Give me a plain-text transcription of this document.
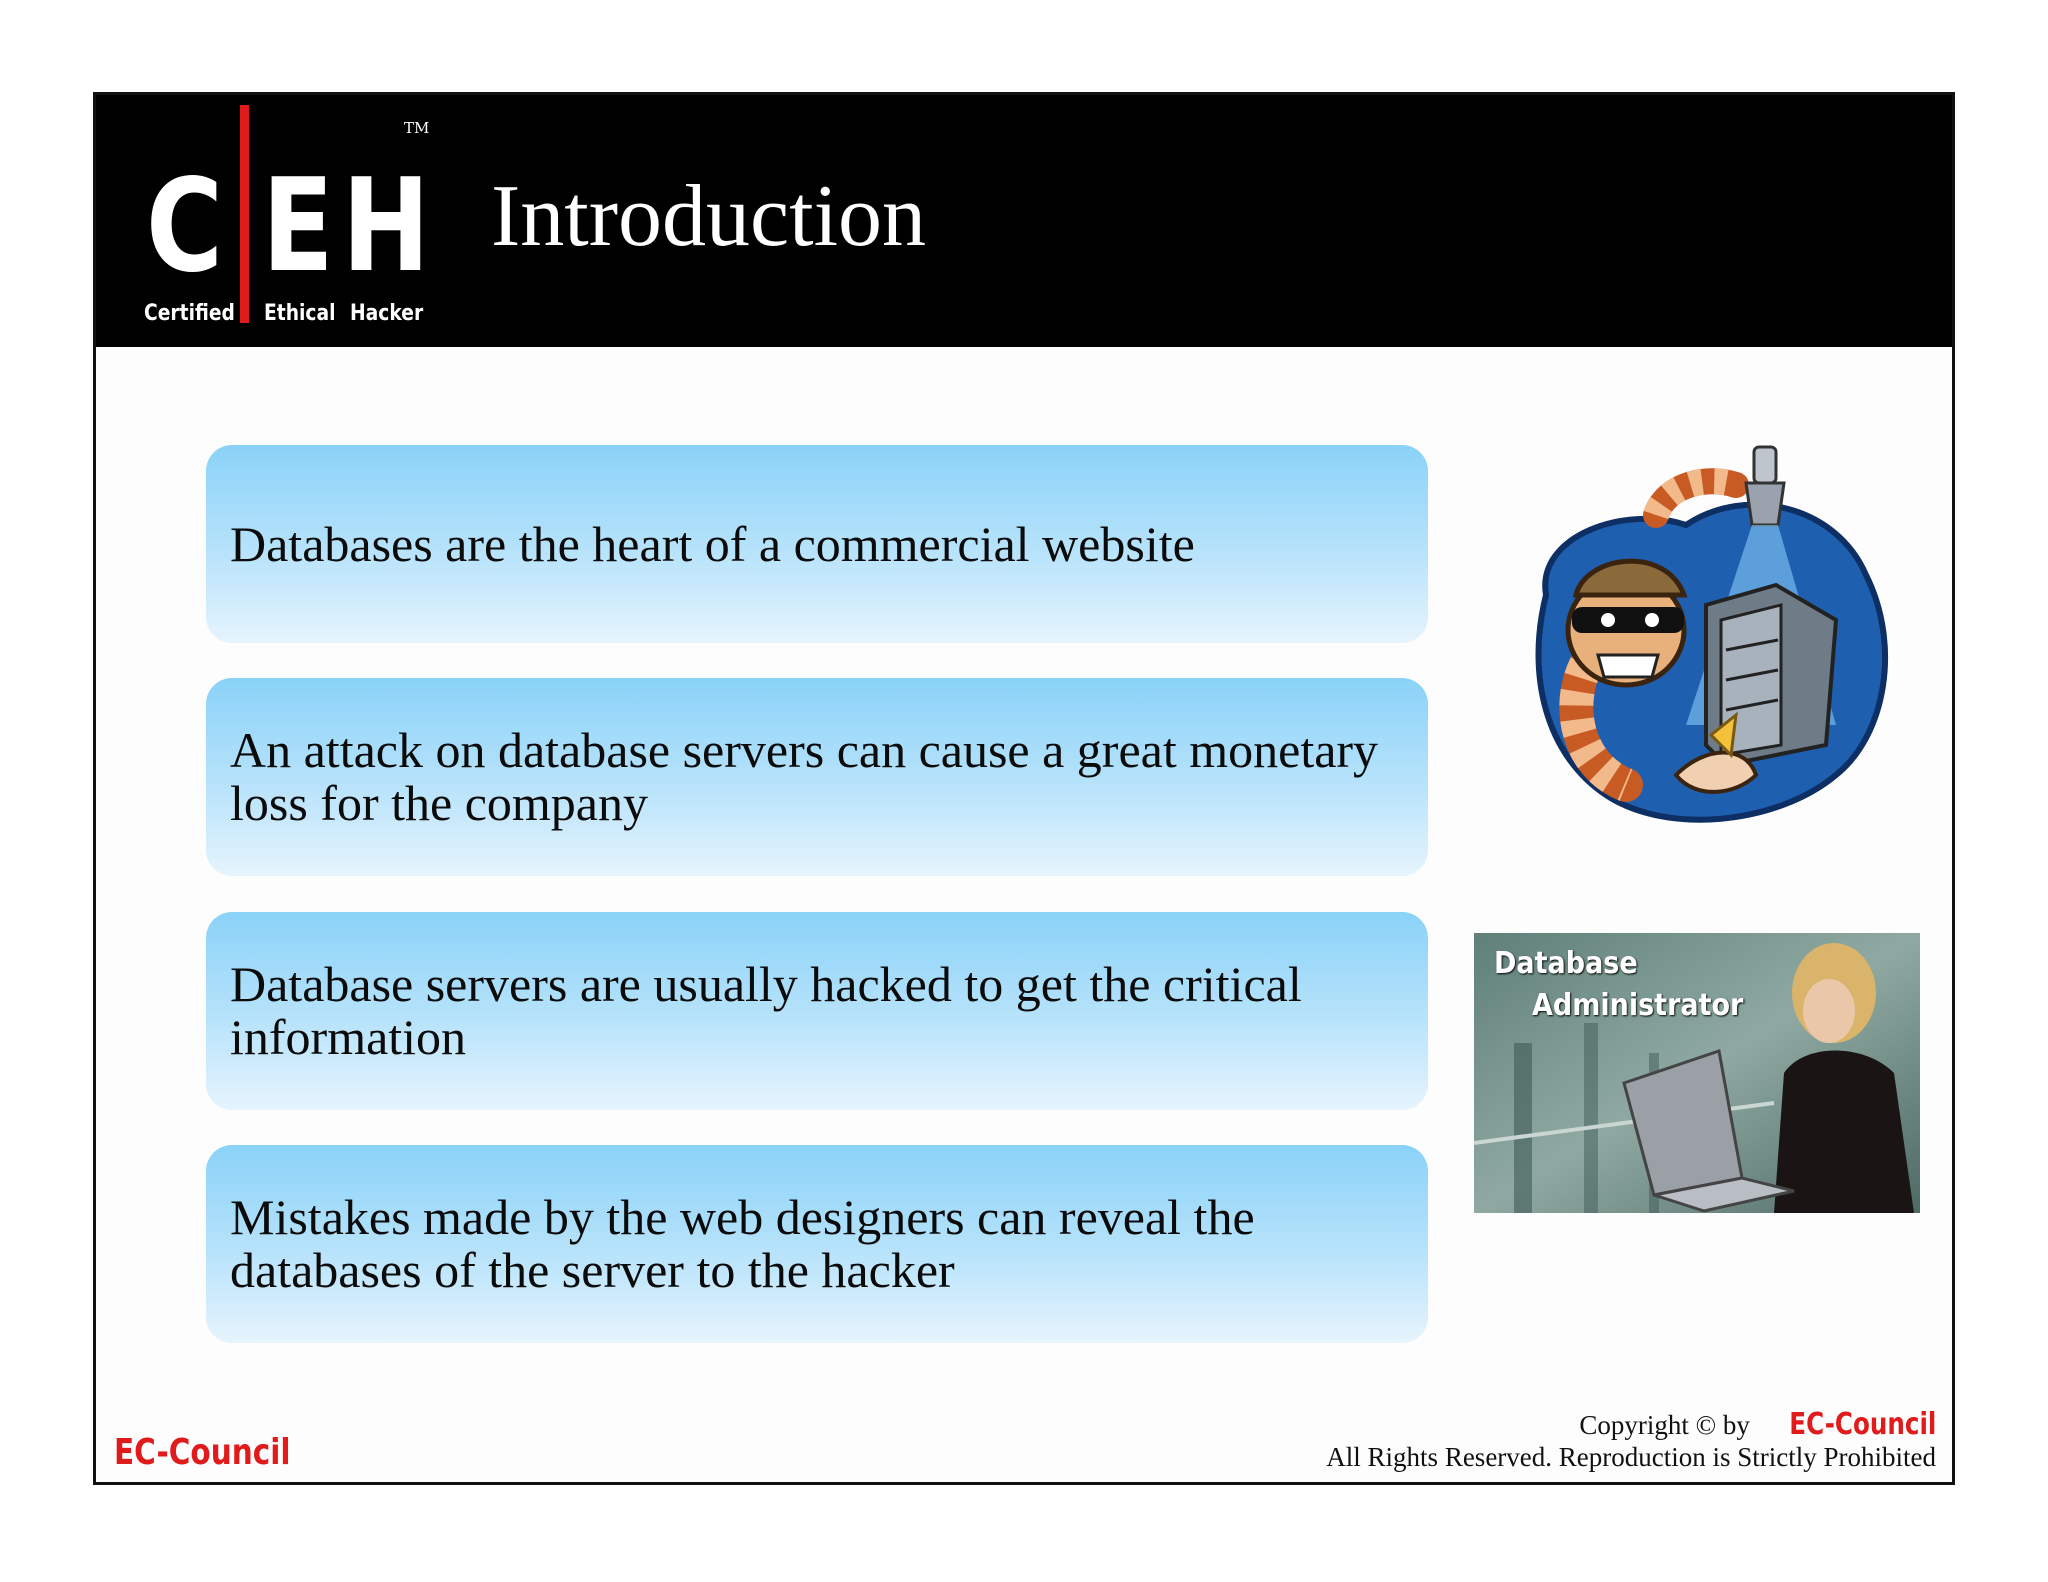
C E H
TM
Certified Ethical Hacker
Introduction
Databases are the heart of a commercial website
An attack on database servers can cause a great monetary loss for the company
Database servers are usually hacked to get the critical information
Mistakes made by the web designers can reveal the databases of the server to the hacker
Database
Administrator
EC-Council
Copyright © by EC-Council
All Rights Reserved. Reproduction is Strictly Prohibited
